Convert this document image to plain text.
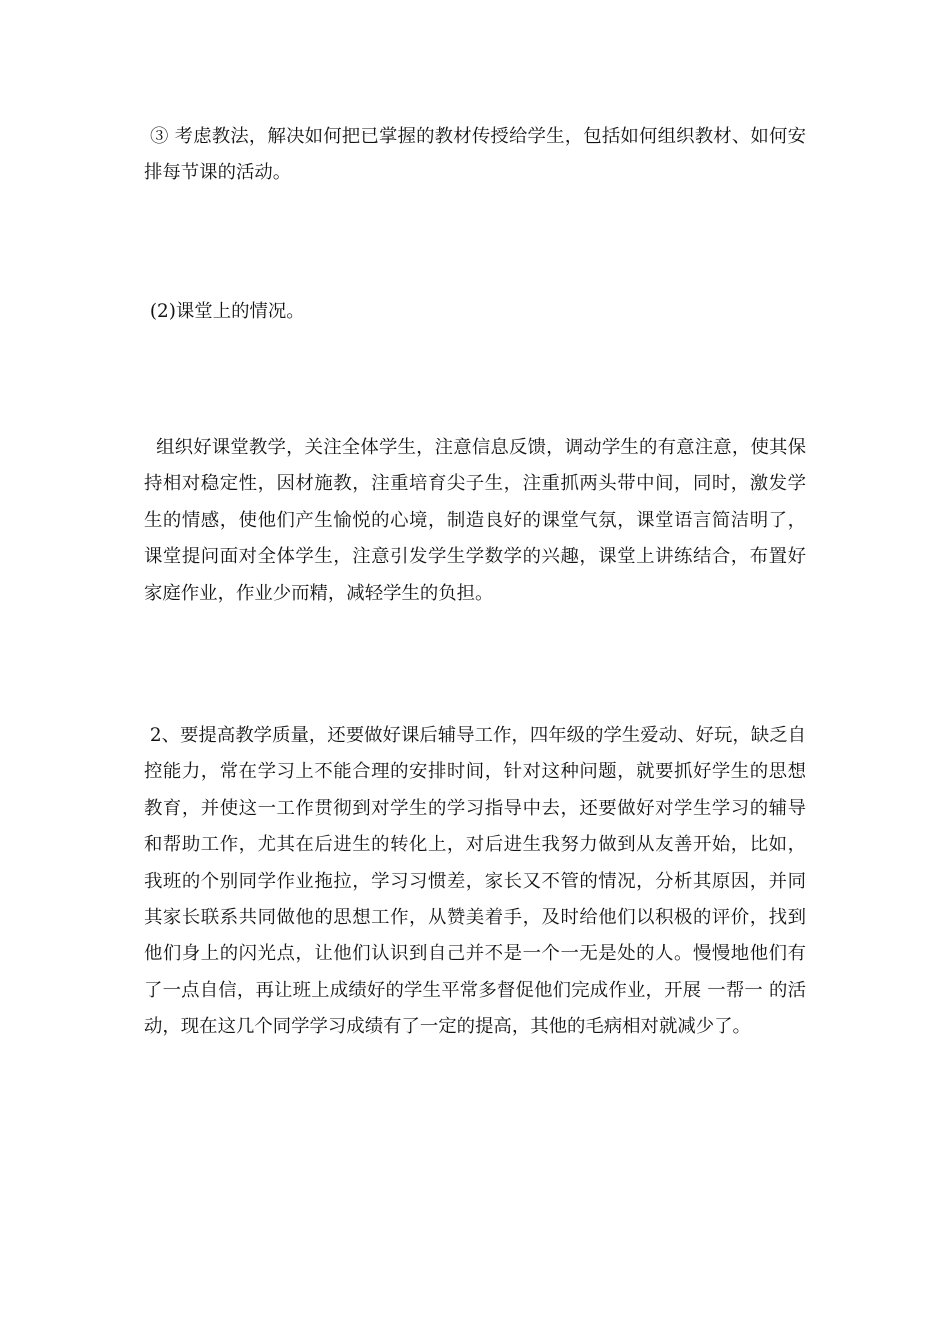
③ 考虑教法，解决如何把已掌握的教材传授给学生，包括如何组织教材、如何安排每节课的活动。

(2)课堂上的情况。

组织好课堂教学，关注全体学生，注意信息反馈，调动学生的有意注意，使其保持相对稳定性，因材施教，注重培育尖子生，注重抓两头带中间，同时，激发学生的情感，使他们产生愉悦的心境，制造良好的课堂气氛，课堂语言简洁明了，课堂提问面对全体学生，注意引发学生学数学的兴趣，课堂上讲练结合，布置好家庭作业，作业少而精，减轻学生的负担。

2、要提高教学质量，还要做好课后辅导工作，四年级的学生爱动、好玩，缺乏自控能力，常在学习上不能合理的安排时间，针对这种问题，就要抓好学生的思想教育，并使这一工作贯彻到对学生的学习指导中去，还要做好对学生学习的辅导和帮助工作，尤其在后进生的转化上，对后进生我努力做到从友善开始，比如，我班的个别同学作业拖拉，学习习惯差，家长又不管的情况，分析其原因，并同其家长联系共同做他的思想工作，从赞美着手，及时给他们以积极的评价，找到他们身上的闪光点，让他们认识到自己并不是一个一无是处的人。慢慢地他们有了一点自信，再让班上成绩好的学生平常多督促他们完成作业，开展 一帮一 的活动，现在这几个同学学习成绩有了一定的提高，其他的毛病相对就减少了。
